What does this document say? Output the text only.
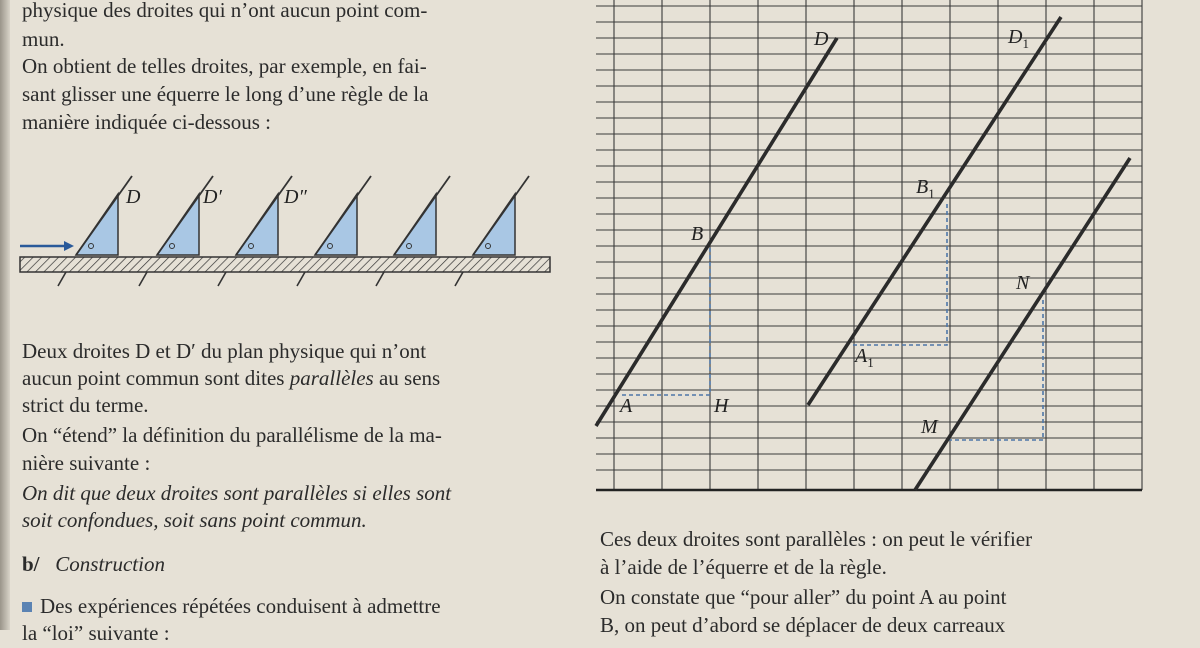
physique des droites qui n’ont aucun point com-

mun.

On obtient de telles droites, par exemple, en fai-

sant glisser une équerre le long d’une règle de la

manière indiquée ci-dessous :

D	D′	D″

Deux droites D et D′ du plan physique qui n’ont

aucun point commun sont dites parallèles au sens

strict du terme.

On “étend” la définition du parallélisme de la ma-

nière suivante :

On dit que deux droites sont parallèles si elles sont

soit confondues, soit sans point commun.

b/ Construction

Des expériences répétées conduisent à admettre

la “loi” suivante :

D	$D_1$
B
A	H
$B_1$
$A_1$
N
M

Ces deux droites sont parallèles : on peut le vérifier

à l’aide de l’équerre et de la règle.

On constate que “pour aller” du point A au point

B, on peut d’abord se déplacer de deux carreaux
